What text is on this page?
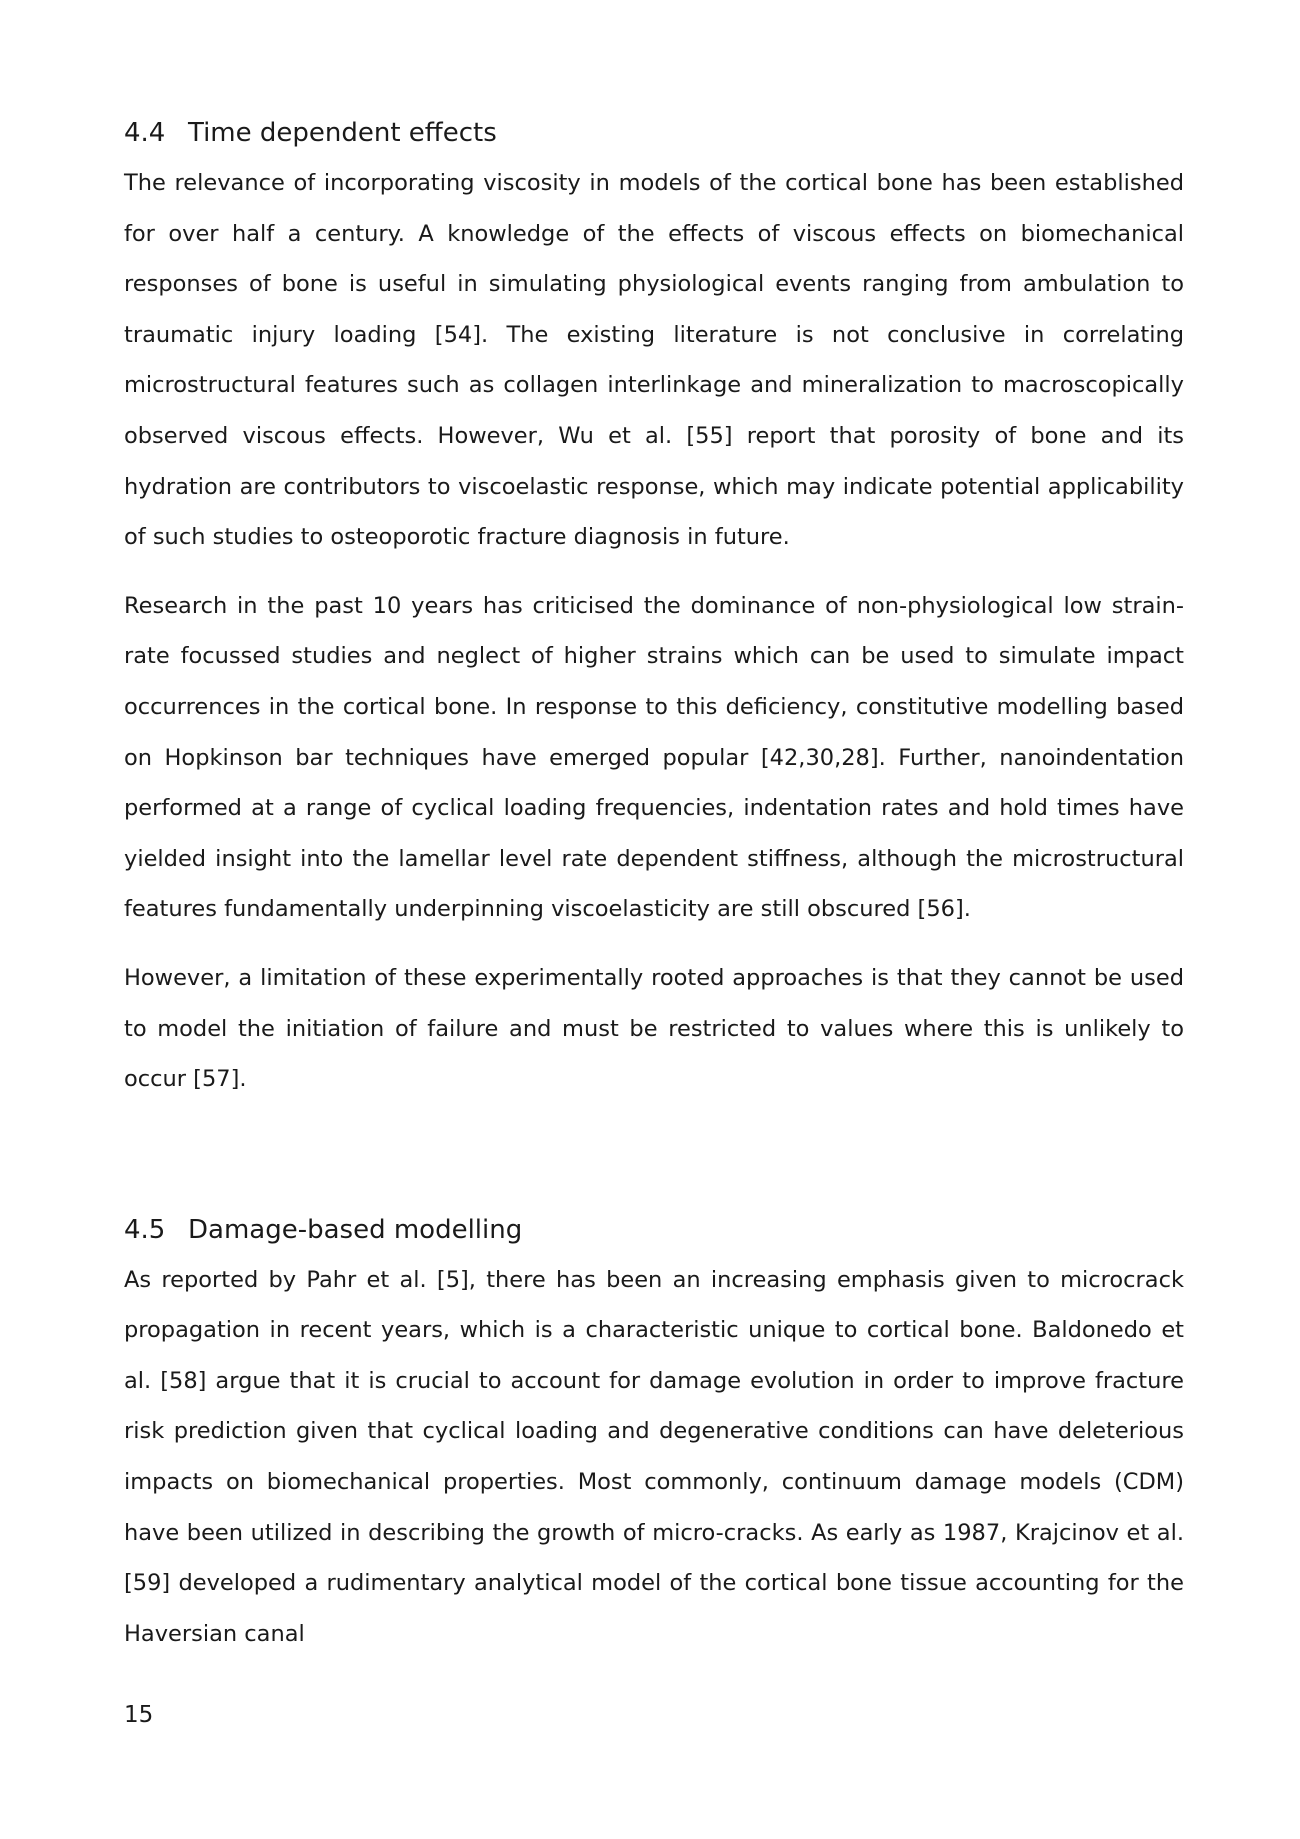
4.4 Time dependent effects

The relevance of incorporating viscosity in models of the cortical bone has been established for over half a century. A knowledge of the effects of viscous effects on biomechanical responses of bone is useful in simulating physiological events ranging from ambulation to traumatic injury loading [54]. The existing literature is not conclusive in correlating microstructural features such as collagen interlinkage and mineralization to macroscopically observed viscous effects. However, Wu et al. [55] report that porosity of bone and its hydration are contributors to viscoelastic response, which may indicate potential applicability of such studies to osteoporotic fracture diagnosis in future.

Research in the past 10 years has criticised the dominance of non-physiological low strain-rate focussed studies and neglect of higher strains which can be used to simulate impact occurrences in the cortical bone. In response to this deficiency, constitutive modelling based on Hopkinson bar techniques have emerged popular [42,30,28]. Further, nanoindentation performed at a range of cyclical loading frequencies, indentation rates and hold times have yielded insight into the lamellar level rate dependent stiffness, although the microstructural features fundamentally underpinning viscoelasticity are still obscured [56].

However, a limitation of these experimentally rooted approaches is that they cannot be used to model the initiation of failure and must be restricted to values where this is unlikely to occur [57].

4.5 Damage-based modelling

As reported by Pahr et al. [5], there has been an increasing emphasis given to microcrack propagation in recent years, which is a characteristic unique to cortical bone. Baldonedo et al. [58] argue that it is crucial to account for damage evolution in order to improve fracture risk prediction given that cyclical loading and degenerative conditions can have deleterious impacts on biomechanical properties. Most commonly, continuum damage models (CDM) have been utilized in describing the growth of micro-cracks. As early as 1987, Krajcinov et al. [59] developed a rudimentary analytical model of the cortical bone tissue accounting for the Haversian canal

15
